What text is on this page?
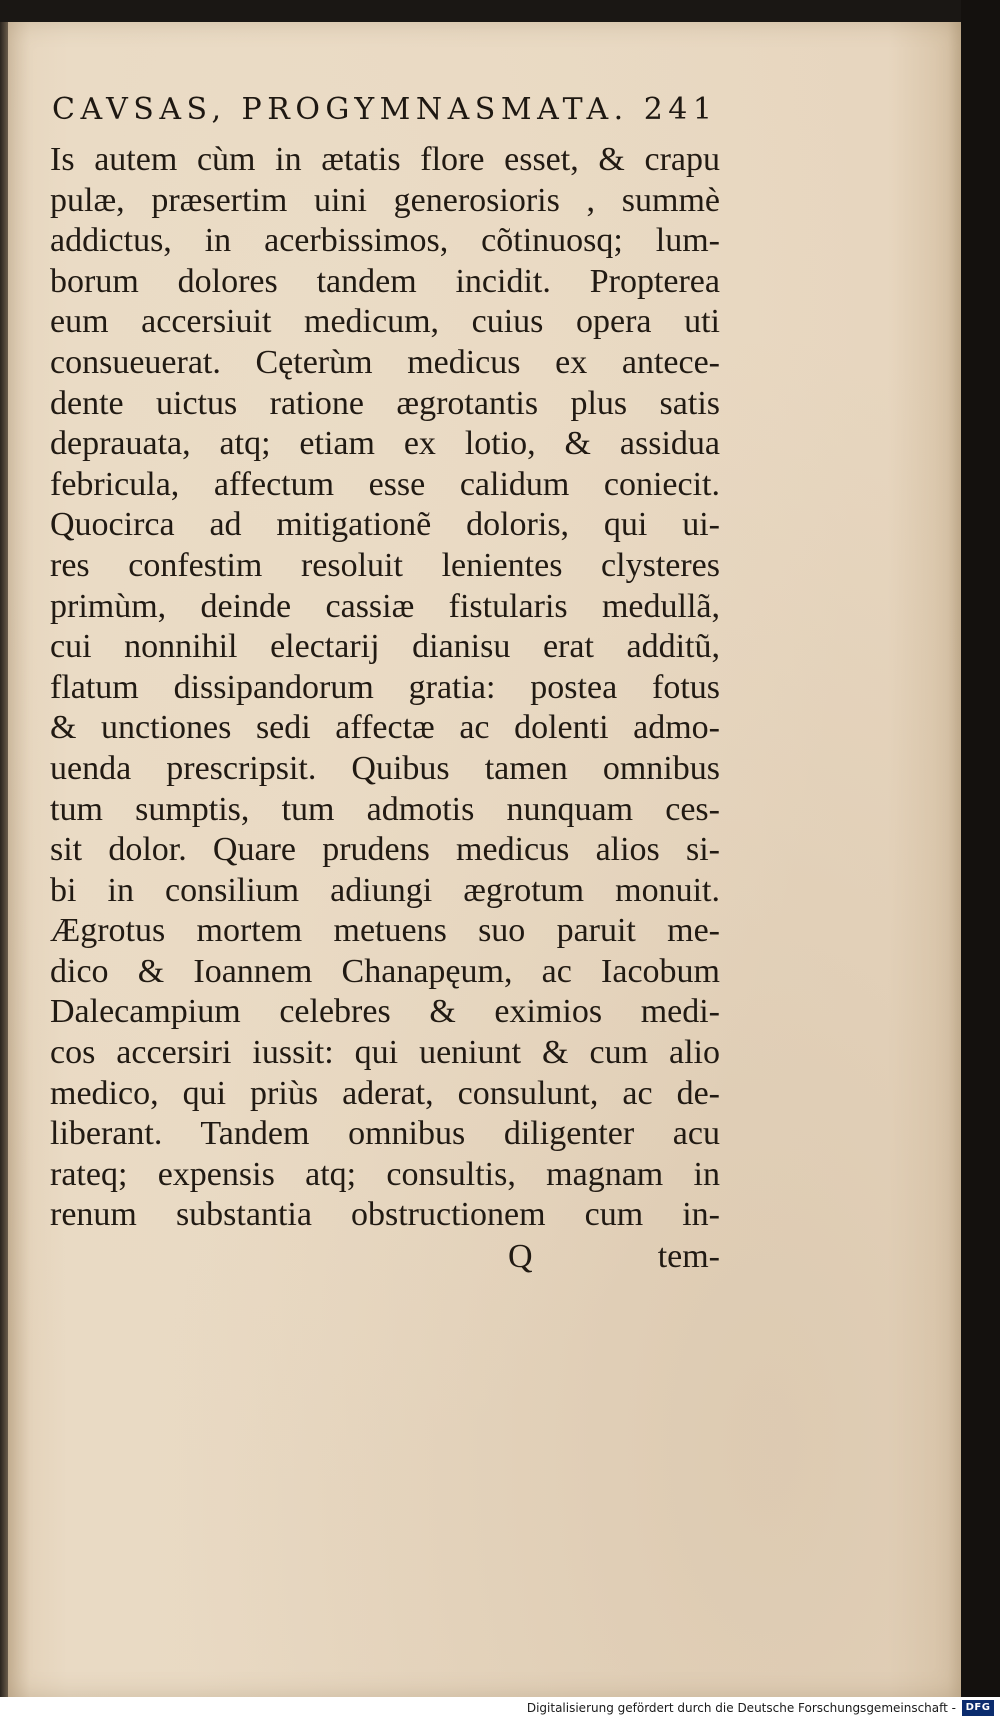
CAVSAS, PROGYMNASMATA. 241
Is autem cùm in ætatis flore esset, & crapu
pulæ, præsertim uini generosioris , summè
addictus, in acerbissimos, cõtinuosq; lum-
borum dolores tandem incidit. Propterea
eum accersiuit medicum, cuius opera uti
consueuerat. Cęterùm medicus ex antece-
dente uictus ratione ægrotantis plus satis
deprauata, atq; etiam ex lotio, & assidua
febricula, affectum esse calidum coniecit.
Quocirca ad mitigationẽ doloris, qui ui-
res confestim resoluit lenientes clysteres
primùm, deinde cassiæ fistularis medullã,
cui nonnihil electarij dianisu erat additũ,
flatum dissipandorum gratia: postea fotus
& unctiones sedi affectæ ac dolenti admo-
uenda prescripsit. Quibus tamen omnibus
tum sumptis, tum admotis nunquam ces-
sit dolor. Quare prudens medicus alios si-
bi in consilium adiungi ægrotum monuit.
Ægrotus mortem metuens suo paruit me-
dico & Ioannem Chanapęum, ac Iacobum
Dalecampium celebres & eximios medi-
cos accersiri iussit: qui ueniunt & cum alio
medico, qui priùs aderat, consulunt, ac de-
liberant. Tandem omnibus diligenter acu
rateq; expensis atq; consultis, magnam in
renum substantia obstructionem cum in-
Q	tem-
Digitalisierung gefördert durch die Deutsche Forschungsgemeinschaft - DFG
